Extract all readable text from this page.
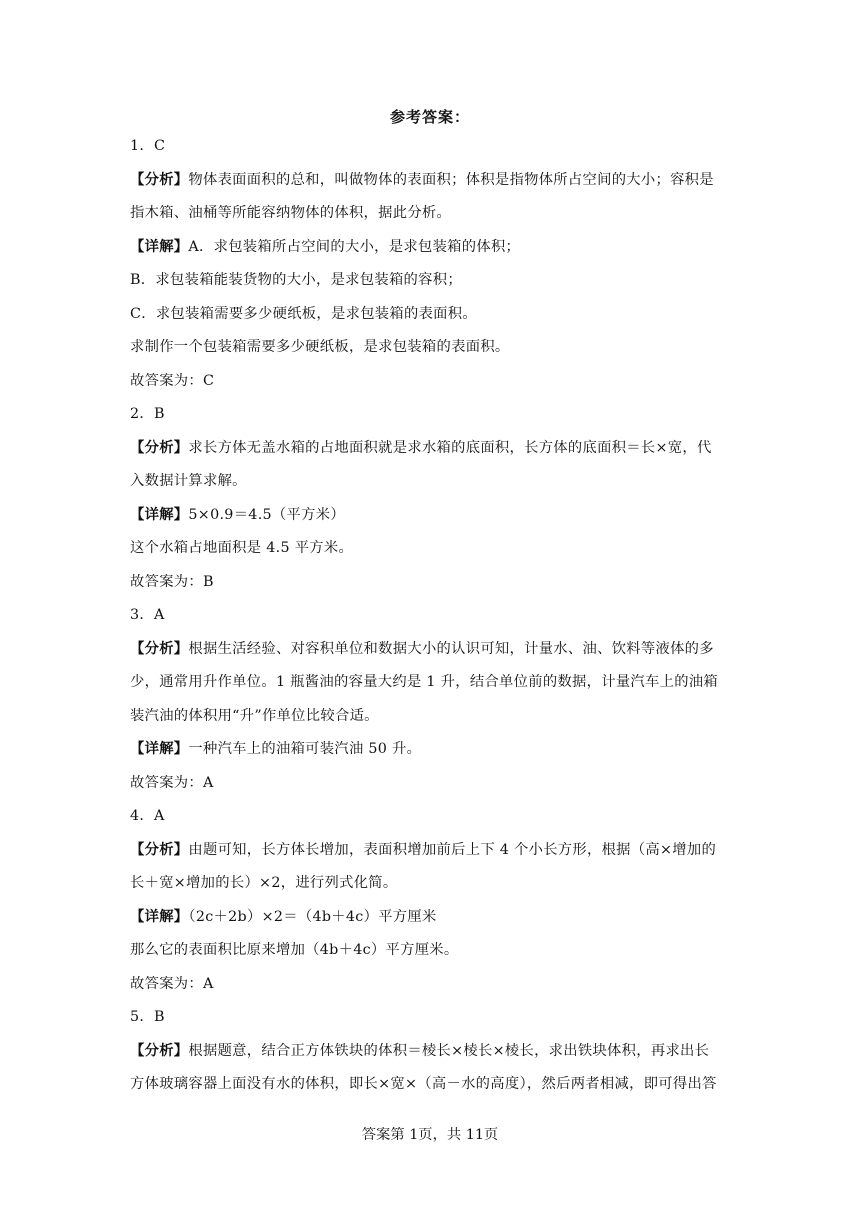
参考答案：
1．C
【分析】物体表面面积的总和，叫做物体的表面积；体积是指物体所占空间的大小；容积是
指木箱、油桶等所能容纳物体的体积，据此分析。
【详解】A．求包装箱所占空间的大小，是求包装箱的体积；
B．求包装箱能装货物的大小，是求包装箱的容积；
C．求包装箱需要多少硬纸板，是求包装箱的表面积。
求制作一个包装箱需要多少硬纸板，是求包装箱的表面积。
故答案为：C
2．B
【分析】求长方体无盖水箱的占地面积就是求水箱的底面积，长方体的底面积＝长×宽，代
入数据计算求解。
【详解】5×0.9＝4.5（平方米）
这个水箱占地面积是 4.5 平方米。
故答案为：B
3．A
【分析】根据生活经验、对容积单位和数据大小的认识可知，计量水、油、饮料等液体的多
少，通常用升作单位。1 瓶酱油的容量大约是 1 升，结合单位前的数据，计量汽车上的油箱
装汽油的体积用“升”作单位比较合适。
【详解】一种汽车上的油箱可装汽油 50 升。
故答案为：A
4．A
【分析】由题可知，长方体长增加，表面积增加前后上下 4 个小长方形，根据（高×增加的
长＋宽×增加的长）×2，进行列式化简。
【详解】（2c＋2b）×2＝（4b＋4c）平方厘米
那么它的表面积比原来增加（4b＋4c）平方厘米。
故答案为：A
5．B
【分析】根据题意，结合正方体铁块的体积＝棱长×棱长×棱长，求出铁块体积，再求出长
方体玻璃容器上面没有水的体积，即长×宽×（高－水的高度），然后两者相减，即可得出答
答案第 1页，共 11页
